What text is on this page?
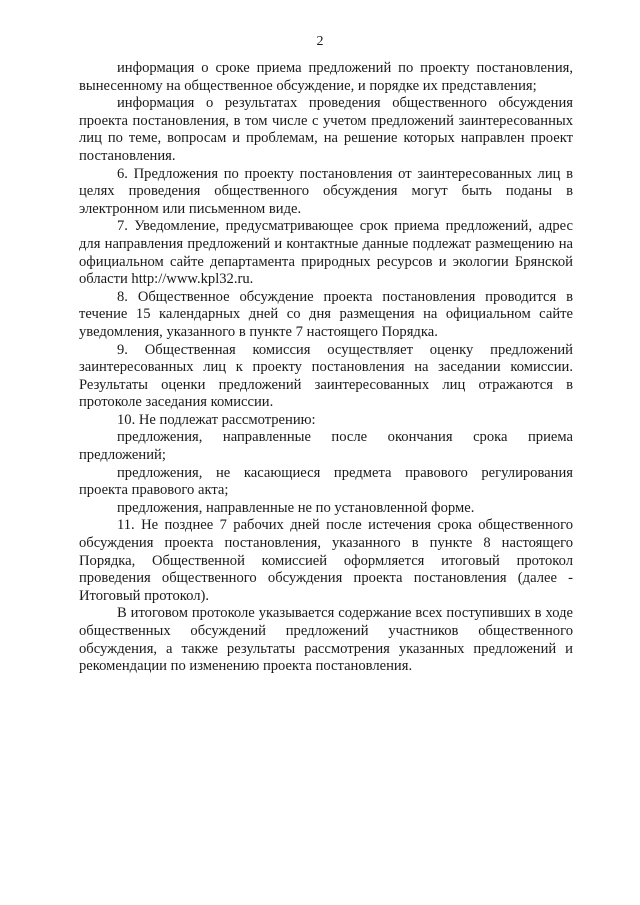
2

информация о сроке приема предложений по проекту постановления, вынесенному на общественное обсуждение, и порядке их представления;

информация о результатах проведения общественного обсуждения проекта постановления, в том числе с учетом предложений заинтересованных лиц по теме, вопросам и проблемам, на решение которых направлен проект постановления.

6. Предложения по проекту постановления от заинтересованных лиц в целях проведения общественного обсуждения могут быть поданы в электронном или письменном виде.

7. Уведомление, предусматривающее срок приема предложений, адрес для направления предложений и контактные данные подлежат размещению на официальном сайте департамента природных ресурсов и экологии Брянской области http://www.kpl32.ru.

8. Общественное обсуждение проекта постановления проводится в течение 15 календарных дней со дня размещения на официальном сайте уведомления, указанного в пункте 7 настоящего Порядка.

9. Общественная комиссия осуществляет оценку предложений заинтересованных лиц к проекту постановления на заседании комиссии. Результаты оценки предложений заинтересованных лиц отражаются в протоколе заседания комиссии.

10. Не подлежат рассмотрению:

предложения, направленные после окончания срока приема предложений;

предложения, не касающиеся предмета правового регулирования проекта правового акта;

предложения, направленные не по установленной форме.

11. Не позднее 7 рабочих дней после истечения срока общественного обсуждения проекта постановления, указанного в пункте 8 настоящего Порядка, Общественной комиссией оформляется итоговый протокол проведения общественного обсуждения проекта постановления (далее - Итоговый протокол).

В итоговом протоколе указывается содержание всех поступивших в ходе общественных обсуждений предложений участников общественного обсуждения, а также результаты рассмотрения указанных предложений и рекомендации по изменению проекта постановления.
